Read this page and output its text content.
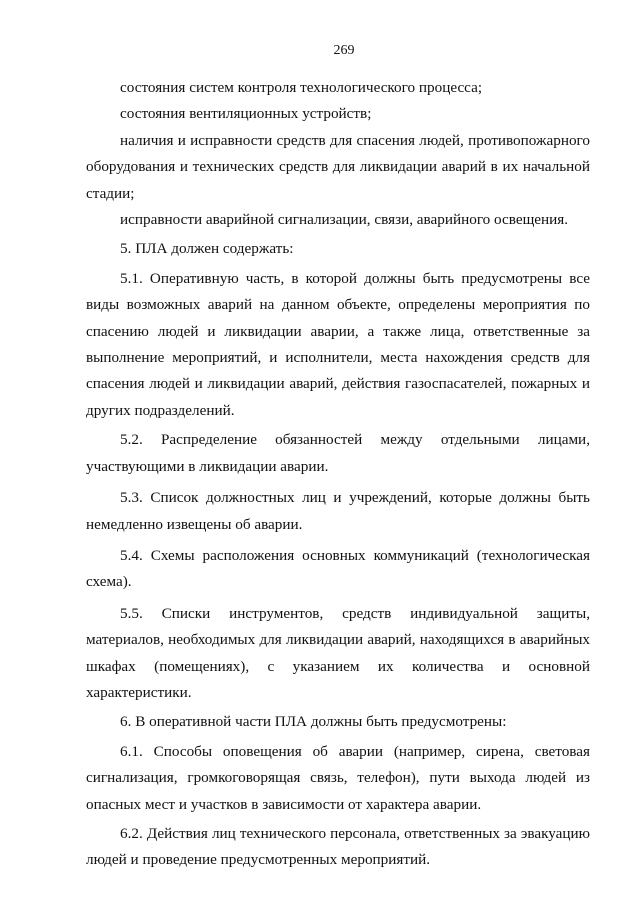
269

состояния систем контроля технологического процесса;

состояния вентиляционных устройств;

наличия и исправности средств для спасения людей, противопожарного оборудования и технических средств для ликвидации аварий в их начальной стадии;

исправности аварийной сигнализации, связи, аварийного освещения.

5. ПЛА должен содержать:

5.1. Оперативную часть, в которой должны быть предусмотрены все виды возможных аварий на данном объекте, определены мероприятия по спасению людей и ликвидации аварии, а также лица, ответственные за выполнение мероприятий, и исполнители, места нахождения средств для спасения людей и ликвидации аварий, действия газоспасателей, пожарных и других подразделений.

5.2. Распределение обязанностей между отдельными лицами, участвующими в ликвидации аварии.

5.3. Список должностных лиц и учреждений, которые должны быть немедленно извещены об аварии.

5.4. Схемы расположения основных коммуникаций (технологическая схема).

5.5. Списки инструментов, средств индивидуальной защиты, материалов, необходимых для ликвидации аварий, находящихся в аварийных шкафах (помещениях), с указанием их количества и основной характеристики.

6. В оперативной части ПЛА должны быть предусмотрены:

6.1. Способы оповещения об аварии (например, сирена, световая сигнализация, громкоговорящая связь, телефон), пути выхода людей из опасных мест и участков в зависимости от характера аварии.

6.2. Действия лиц технического персонала, ответственных за эвакуацию людей и проведение предусмотренных мероприятий.
